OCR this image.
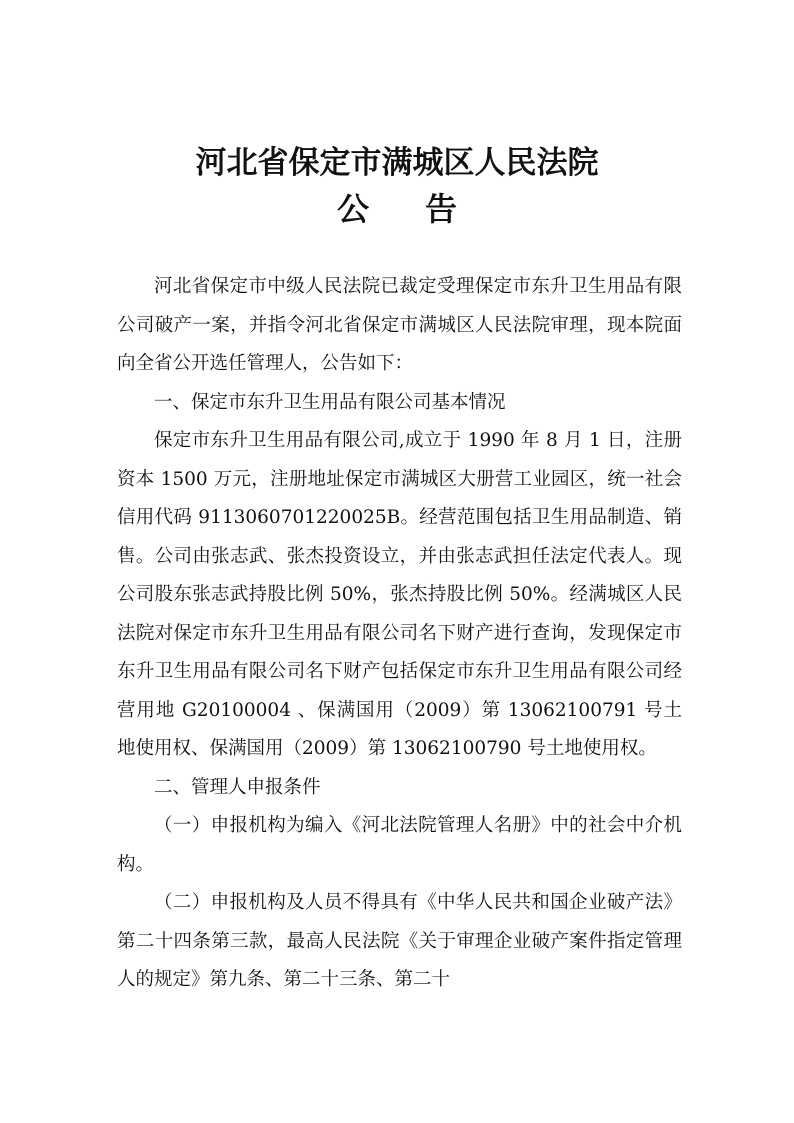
河北省保定市满城区人民法院
公告

河北省保定市中级人民法院已裁定受理保定市东升卫生用品有限公司破产一案，并指令河北省保定市满城区人民法院审理，现本院面向全省公开选任管理人，公告如下：

一、保定市东升卫生用品有限公司基本情况

保定市东升卫生用品有限公司,成立于 1990 年 8 月 1 日，注册资本 1500 万元，注册地址保定市满城区大册营工业园区，统一社会信用代码 9113060701220025B。经营范围包括卫生用品制造、销售。公司由张志武、张杰投资设立，并由张志武担任法定代表人。现公司股东张志武持股比例 50%，张杰持股比例 50%。经满城区人民法院对保定市东升卫生用品有限公司名下财产进行查询，发现保定市东升卫生用品有限公司名下财产包括保定市东升卫生用品有限公司经营用地 G20100004 、保满国用（2009）第 13062100791 号土地使用权、保满国用（2009）第 13062100790 号土地使用权。

二、管理人申报条件

（一）申报机构为编入《河北法院管理人名册》中的社会中介机构。

（二）申报机构及人员不得具有《中华人民共和国企业破产法》第二十四条第三款，最高人民法院《关于审理企业破产案件指定管理人的规定》第九条、第二十三条、第二十
